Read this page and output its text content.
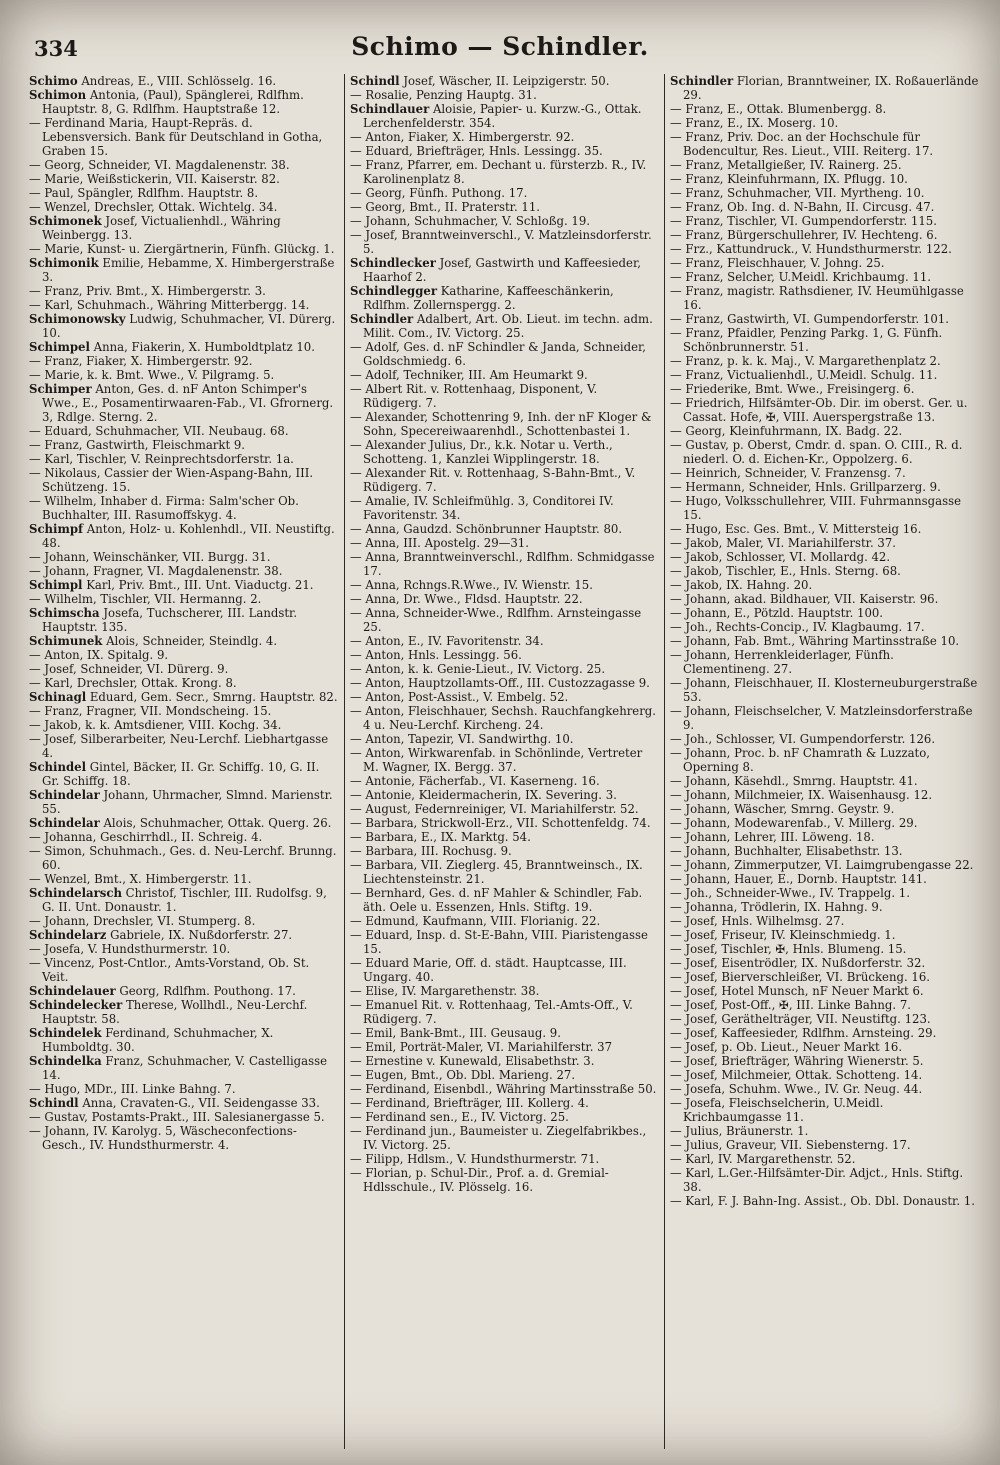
334	Schimo — Schindler.
Schimo Andreas, E., VIII. Schlösselg. 16.
Schimon Antonia, (Paul), Spänglerei, Rdlfhm. Hauptstr. 8, G. Rdlfhm. Hauptstraße 12.
— Ferdinand Maria, Haupt-Repräs. d. Lebensversich. Bank für Deutschland in Gotha, Graben 15.
— Georg, Schneider, VI. Magdalenenstr. 38.
— Marie, Weißstickerin, VII. Kaiserstr. 82.
— Paul, Spängler, Rdlfhm. Hauptstr. 8.
— Wenzel, Drechsler, Ottak. Wichtelg. 34.
Schimonek Josef, Victualienhdl., Währing Weinbergg. 13.
— Marie, Kunst- u. Ziergärtnerin, Fünfh. Glückg. 1.
Schimonik Emilie, Hebamme, X. Himbergerstraße 3.
— Franz, Priv. Bmt., X. Himbergerstr. 3.
— Karl, Schuhmach., Währing Mitterbergg. 14.
Schimonowsky Ludwig, Schuhmacher, VI. Dürerg. 10.
Schimpel Anna, Fiakerin, X. Humboldtplatz 10.
— Franz, Fiaker, X. Himbergerstr. 92.
— Marie, k. k. Bmt. Wwe., V. Pilgramg. 5.
Schimper Anton, Ges. d. nF Anton Schimper's Wwe., E., Posamentirwaaren-Fab., VI. Gfrornerg. 3, Rdlge. Sterng. 2.
— Eduard, Schuhmacher, VII. Neubaug. 68.
— Franz, Gastwirth, Fleischmarkt 9.
— Karl, Tischler, V. Reinprechtsdorferstr. 1a.
— Nikolaus, Cassier der Wien-Aspang-Bahn, III. Schützeng. 15.
— Wilhelm, Inhaber d. Firma: Salm'scher Ob. Buchhalter, III. Rasumoffskyg. 4.
Schimpf Anton, Holz- u. Kohlenhdl., VII. Neustiftg. 48.
— Johann, Weinschänker, VII. Burgg. 31.
— Johann, Fragner, VI. Magdalenenstr. 38.
Schimpl Karl, Priv. Bmt., III. Unt. Viaductg. 21.
— Wilhelm, Tischler, VII. Hermanng. 2.
Schimscha Josefa, Tuchscherer, III. Landstr. Hauptstr. 135.
Schimunek Alois, Schneider, Steindlg. 4.
— Anton, IX. Spitalg. 9.
— Josef, Schneider, VI. Dürerg. 9.
— Karl, Drechsler, Ottak. Krong. 8.
Schinagl Eduard, Gem. Secr., Smrng. Hauptstr. 82.
— Franz, Fragner, VII. Mondscheing. 15.
— Jakob, k. k. Amtsdiener, VIII. Kochg. 34.
— Josef, Silberarbeiter, Neu-Lerchf. Liebhartgasse 4.
Schindel Gintel, Bäcker, II. Gr. Schiffg. 10, G. II. Gr. Schiffg. 18.
Schindelar Johann, Uhrmacher, Slmnd. Marienstr. 55.
Schindelar Alois, Schuhmacher, Ottak. Querg. 26.
— Johanna, Geschirrhdl., II. Schreig. 4.
— Simon, Schuhmach., Ges. d. Neu-Lerchf. Brunng. 60.
— Wenzel, Bmt., X. Himbergerstr. 11.
Schindelarsch Christof, Tischler, III. Rudolfsg. 9, G. II. Unt. Donaustr. 1.
— Johann, Drechsler, VI. Stumperg. 8.
Schindelarz Gabriele, IX. Nußdorferstr. 27.
— Josefa, V. Hundsthurmerstr. 10.
— Vincenz, Post-Cntlor., Amts-Vorstand, Ob. St. Veit.
Schindelauer Georg, Rdlfhm. Pouthong. 17.
Schindelecker Therese, Wollhdl., Neu-Lerchf. Hauptstr. 58.
Schindelek Ferdinand, Schuhmacher, X. Humboldtg. 30.
Schindelka Franz, Schuhmacher, V. Castelligasse 14.
— Hugo, MDr., III. Linke Bahng. 7.
Schindl Anna, Cravaten-G., VII. Seidengasse 33.
— Gustav, Postamts-Prakt., III. Salesianergasse 5.
— Johann, IV. Karolyg. 5, Wäscheconfections-Gesch., IV. Hundsthurmerstr. 4.
Schindl Josef, Wäscher, II. Leipzigerstr. 50.
— Rosalie, Penzing Hauptg. 31.
Schindlauer Aloisie, Papier- u. Kurzw.-G., Ottak. Lerchenfelderstr. 354.
— Anton, Fiaker, X. Himbergerstr. 92.
— Eduard, Briefträger, Hnls. Lessingg. 35.
— Franz, Pfarrer, em. Dechant u. fürsterzb. R., IV. Karolinenplatz 8.
— Georg, Fünfh. Puthong. 17.
— Georg, Bmt., II. Praterstr. 11.
— Johann, Schuhmacher, V. Schloßg. 19.
— Josef, Branntweinverschl., V. Matzleinsdorferstr. 5.
Schindlecker Josef, Gastwirth und Kaffeesieder, Haarhof 2.
Schindlegger Katharine, Kaffeeschänkerin, Rdlfhm. Zollernspergg. 2.
Schindler Adalbert, Art. Ob. Lieut. im techn. adm. Milit. Com., IV. Victorg. 25.
— Adolf, Ges. d. nF Schindler & Janda, Schneider, Goldschmiedg. 6.
— Adolf, Techniker, III. Am Heumarkt 9.
— Albert Rit. v. Rottenhaag, Disponent, V. Rüdigerg. 7.
— Alexander, Schottenring 9, Inh. der nF Kloger & Sohn, Specereiwaarenhdl., Schottenbastei 1.
— Alexander Julius, Dr., k.k. Notar u. Verth., Schotteng. 1, Kanzlei Wipplingerstr. 18.
— Alexander Rit. v. Rottenhaag, S-Bahn-Bmt., V. Rüdigerg. 7.
— Amalie, IV. Schleifmühlg. 3, Conditorei IV. Favoritenstr. 34.
— Anna, Gaudzd. Schönbrunner Hauptstr. 80.
— Anna, III. Apostelg. 29—31.
— Anna, Branntweinverschl., Rdlfhm. Schmidgasse 17.
— Anna, Rchngs.R.Wwe., IV. Wienstr. 15.
— Anna, Dr. Wwe., Fldsd. Hauptstr. 22.
— Anna, Schneider-Wwe., Rdlfhm. Arnsteingasse 25.
— Anton, E., IV. Favoritenstr. 34.
— Anton, Hnls. Lessingg. 56.
— Anton, k. k. Genie-Lieut., IV. Victorg. 25.
— Anton, Hauptzollamts-Off., III. Custozzagasse 9.
— Anton, Post-Assist., V. Embelg. 52.
— Anton, Fleischhauer, Sechsh. Rauchfangkehrerg. 4 u. Neu-Lerchf. Kircheng. 24.
— Anton, Tapezir, VI. Sandwirthg. 10.
— Anton, Wirkwarenfab. in Schönlinde, Vertreter M. Wagner, IX. Bergg. 37.
— Antonie, Fächerfab., VI. Kaserneng. 16.
— Antonie, Kleidermacherin, IX. Severing. 3.
— August, Federnreiniger, VI. Mariahilferstr. 52.
— Barbara, Strickwoll-Erz., VII. Schottenfeldg. 74.
— Barbara, E., IX. Marktg. 54.
— Barbara, III. Rochusg. 9.
— Barbara, VII. Zieglerg. 45, Branntweinsch., IX. Liechtensteinstr. 21.
— Bernhard, Ges. d. nF Mahler & Schindler, Fab. äth. Oele u. Essenzen, Hnls. Stiftg. 19.
— Edmund, Kaufmann, VIII. Florianig. 22.
— Eduard, Insp. d. St-E-Bahn, VIII. Piaristengasse 15.
— Eduard Marie, Off. d. städt. Hauptcasse, III. Ungarg. 40.
— Elise, IV. Margarethenstr. 38.
— Emanuel Rit. v. Rottenhaag, Tel.-Amts-Off., V. Rüdigerg. 7.
— Emil, Bank-Bmt., III. Geusaug. 9.
— Emil, Porträt-Maler, VI. Mariahilferstr. 37
— Ernestine v. Kunewald, Elisabethstr. 3.
— Eugen, Bmt., Ob. Dbl. Marieng. 27.
— Ferdinand, Eisenbdl., Währing Martinsstraße 50.
— Ferdinand, Briefträger, III. Kollerg. 4.
— Ferdinand sen., E., IV. Victorg. 25.
— Ferdinand jun., Baumeister u. Ziegelfabrikbes., IV. Victorg. 25.
— Filipp, Hdlsm., V. Hundsthurmerstr. 71.
— Florian, p. Schul-Dir., Prof. a. d. Gremial-Hdlsschule., IV. Plösselg. 16.
Schindler Florian, Branntweiner, IX. Roßauerlände 29.
— Franz, E., Ottak. Blumenbergg. 8.
— Franz, E., IX. Moserg. 10.
— Franz, Priv. Doc. an der Hochschule für Bodencultur, Res. Lieut., VIII. Reiterg. 17.
— Franz, Metallgießer, IV. Rainerg. 25.
— Franz, Kleinfuhrmann, IX. Pflugg. 10.
— Franz, Schuhmacher, VII. Myrtheng. 10.
— Franz, Ob. Ing. d. N-Bahn, II. Circusg. 47.
— Franz, Tischler, VI. Gumpendorferstr. 115.
— Franz, Bürgerschullehrer, IV. Hechteng. 6.
— Frz., Kattundruck., V. Hundsthurmerstr. 122.
— Franz, Fleischhauer, V. Johng. 25.
— Franz, Selcher, U.Meidl. Krichbaumg. 11.
— Franz, magistr. Rathsdiener, IV. Heumühlgasse 16.
— Franz, Gastwirth, VI. Gumpendorferstr. 101.
— Franz, Pfaidler, Penzing Parkg. 1, G. Fünfh. Schönbrunnerstr. 51.
— Franz, p. k. k. Maj., V. Margarethenplatz 2.
— Franz, Victualienhdl., U.Meidl. Schulg. 11.
— Friederike, Bmt. Wwe., Freisingerg. 6.
— Friedrich, Hilfsämter-Ob. Dir. im oberst. Ger. u. Cassat. Hofe, ✠, VIII. Auerspergstraße 13.
— Georg, Kleinfuhrmann, IX. Badg. 22.
— Gustav, p. Oberst, Cmdr. d. span. O. CIII., R. d. niederl. O. d. Eichen-Kr., Oppolzerg. 6.
— Heinrich, Schneider, V. Franzensg. 7.
— Hermann, Schneider, Hnls. Grillparzerg. 9.
— Hugo, Volksschullehrer, VIII. Fuhrmannsgasse 15.
— Hugo, Esc. Ges. Bmt., V. Mittersteig 16.
— Jakob, Maler, VI. Mariahilferstr. 37.
— Jakob, Schlosser, VI. Mollardg. 42.
— Jakob, Tischler, E., Hnls. Sterng. 68.
— Jakob, IX. Hahng. 20.
— Johann, akad. Bildhauer, VII. Kaiserstr. 96.
— Johann, E., Pötzld. Hauptstr. 100.
— Joh., Rechts-Concip., IV. Klagbaumg. 17.
— Johann, Fab. Bmt., Währing Martinsstraße 10.
— Johann, Herrenkleiderlager, Fünfh. Clementineng. 27.
— Johann, Fleischhauer, II. Klosterneuburgerstraße 53.
— Johann, Fleischselcher, V. Matzleinsdorferstraße 9.
— Joh., Schlosser, VI. Gumpendorferstr. 126.
— Johann, Proc. b. nF Chamrath & Luzzato, Operning 8.
— Johann, Käsehdl., Smrng. Hauptstr. 41.
— Johann, Milchmeier, IX. Waisenhausg. 12.
— Johann, Wäscher, Smrng. Geystr. 9.
— Johann, Modewarenfab., V. Millerg. 29.
— Johann, Lehrer, III. Löweng. 18.
— Johann, Buchhalter, Elisabethstr. 13.
— Johann, Zimmerputzer, VI. Laimgrubengasse 22.
— Johann, Hauer, E., Dornb. Hauptstr. 141.
— Joh., Schneider-Wwe., IV. Trappelg. 1.
— Johanna, Trödlerin, IX. Hahng. 9.
— Josef, Hnls. Wilhelmsg. 27.
— Josef, Friseur, IV. Kleinschmiedg. 1.
— Josef, Tischler, ✠, Hnls. Blumeng. 15.
— Josef, Eisentrödler, IX. Nußdorferstr. 32.
— Josef, Bierverschleißer, VI. Brückeng. 16.
— Josef, Hotel Munsch, nF Neuer Markt 6.
— Josef, Post-Off., ✠, III. Linke Bahng. 7.
— Josef, Geräthelträger, VII. Neustiftg. 123.
— Josef, Kaffeesieder, Rdlfhm. Arnsteing. 29.
— Josef, p. Ob. Lieut., Neuer Markt 16.
— Josef, Briefträger, Währing Wienerstr. 5.
— Josef, Milchmeier, Ottak. Schotteng. 14.
— Josefa, Schuhm. Wwe., IV. Gr. Neug. 44.
— Josefa, Fleischselcherin, U.Meidl. Krichbaumgasse 11.
— Julius, Bräunerstr. 1.
— Julius, Graveur, VII. Siebensterng. 17.
— Karl, IV. Margarethenstr. 52.
— Karl, L.Ger.-Hilfsämter-Dir. Adjct., Hnls. Stiftg. 38.
— Karl, F. J. Bahn-Ing. Assist., Ob. Dbl. Donaustr. 1.
